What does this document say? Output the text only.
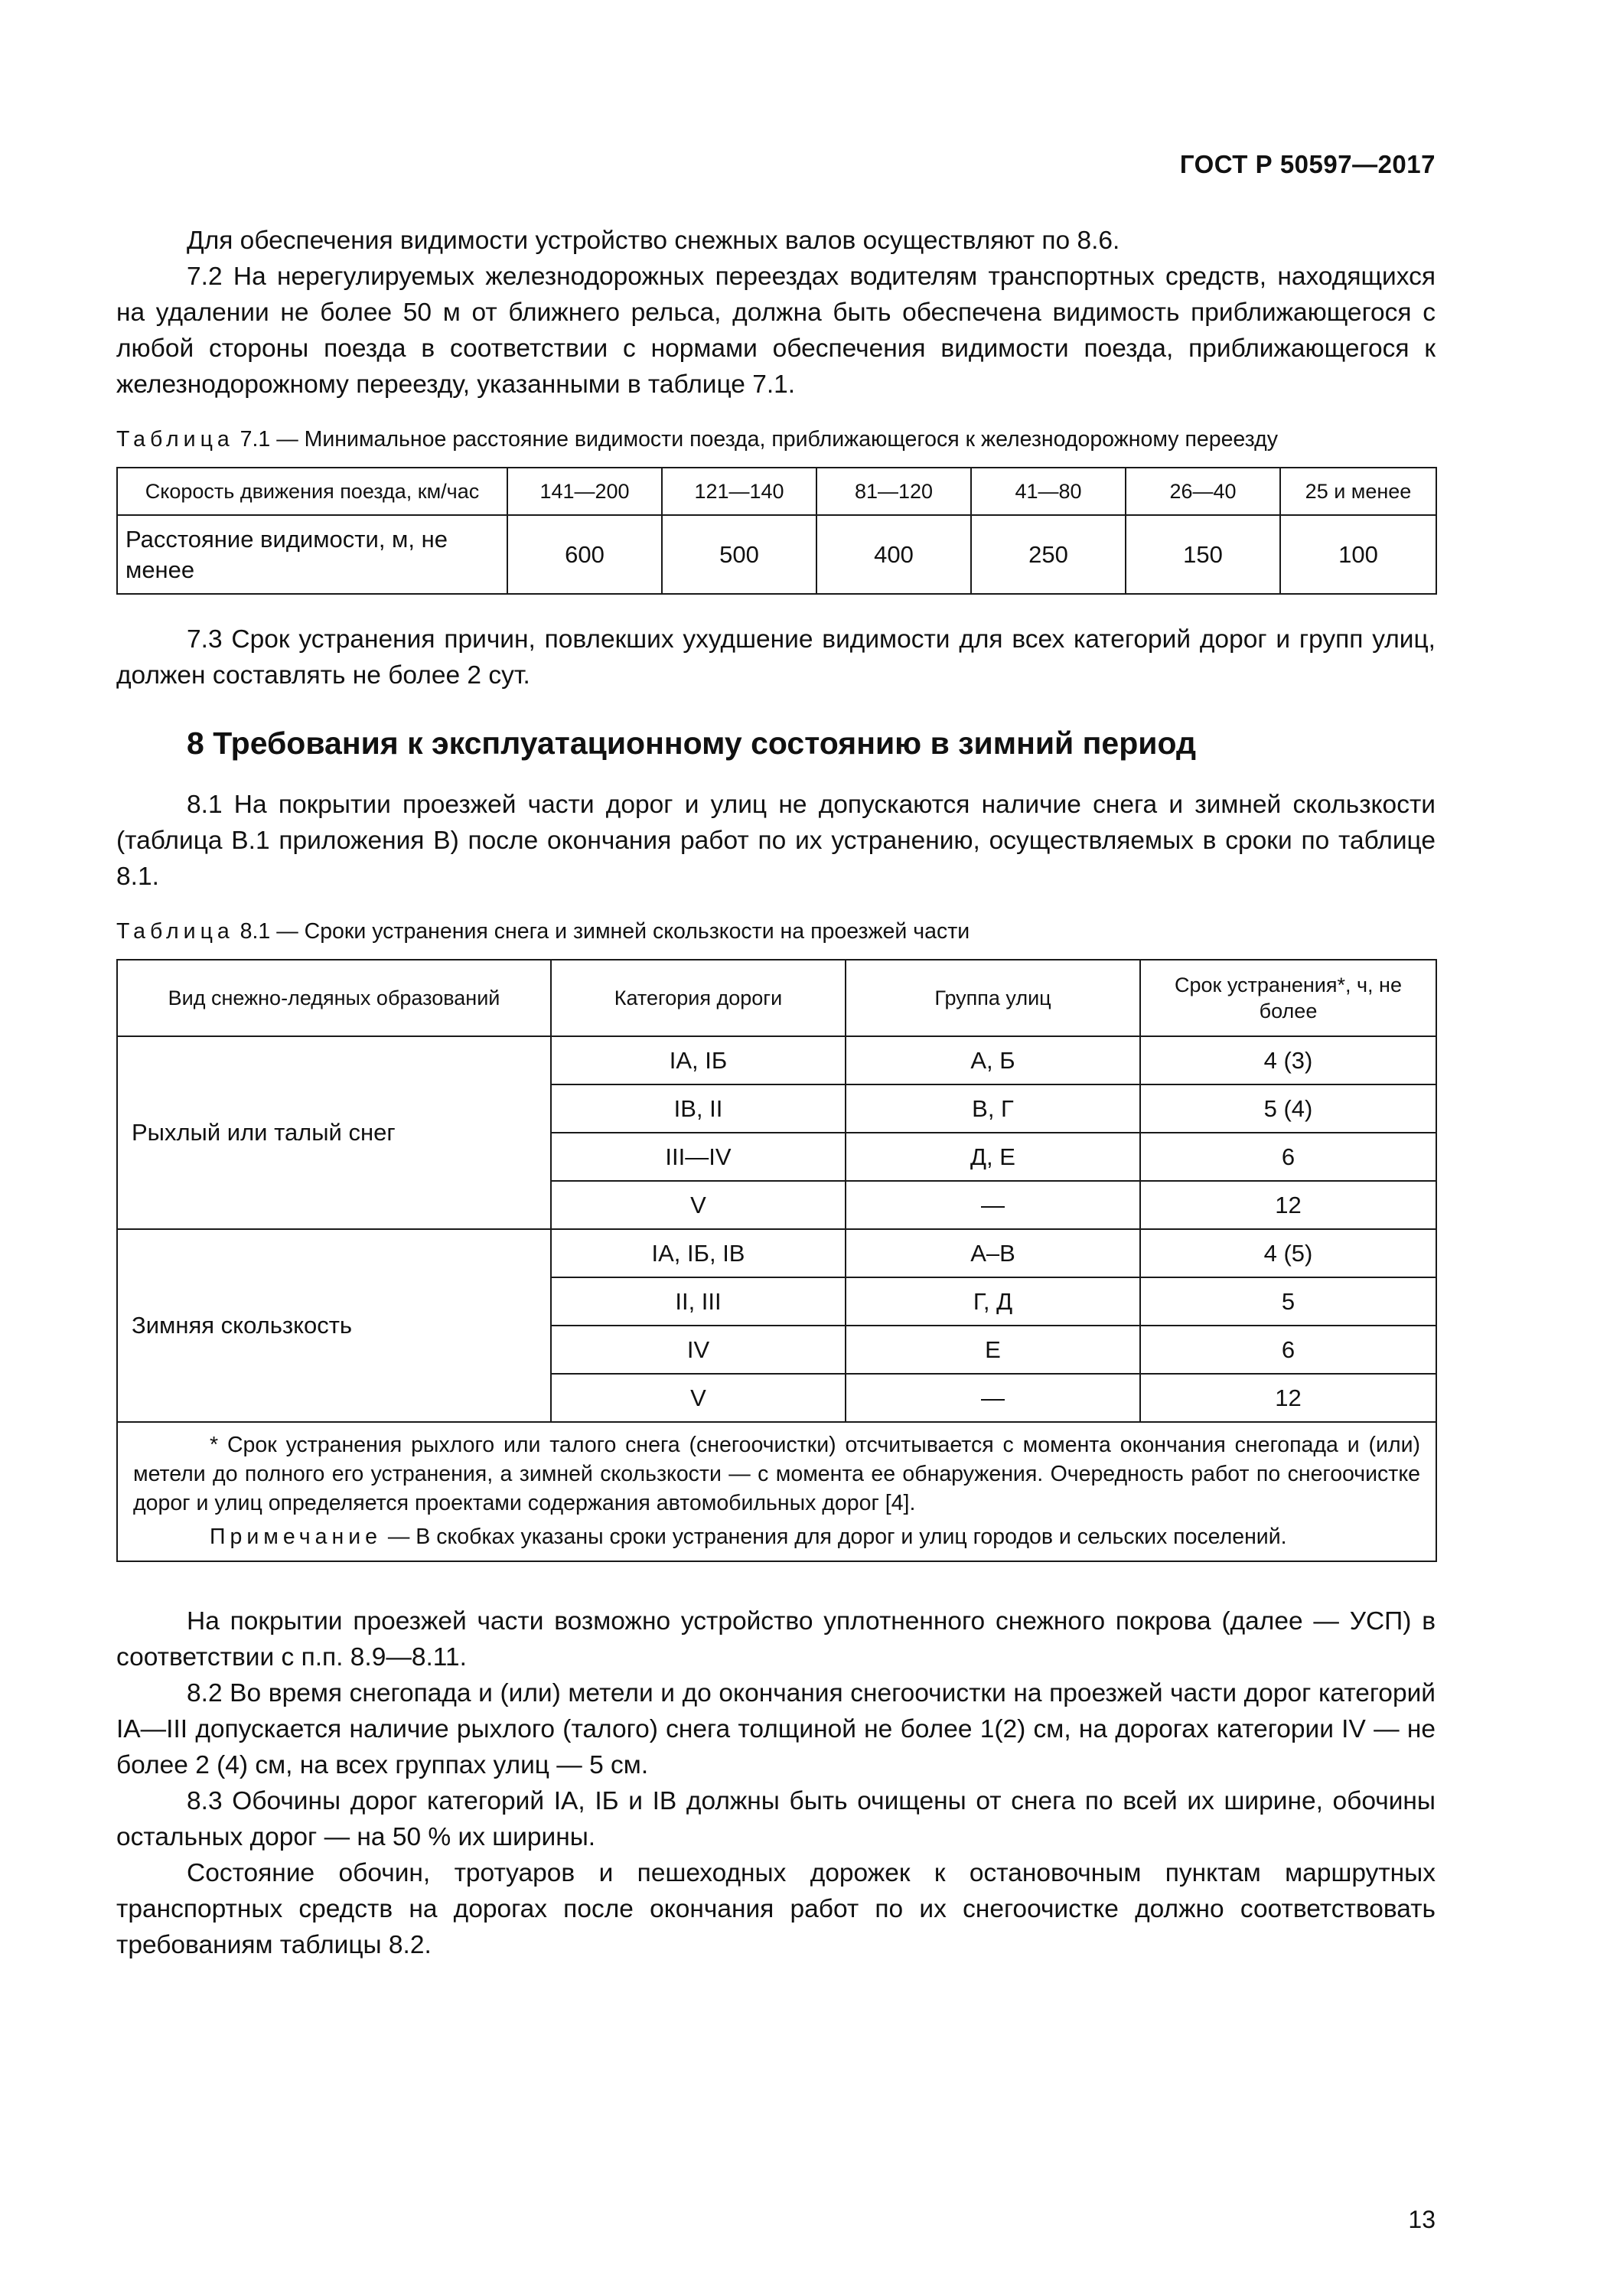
ГОСТ Р 50597—2017

Для обеспечения видимости устройство снежных валов осуществляют по 8.6.

7.2 На нерегулируемых железнодорожных переездах водителям транспортных средств, находящихся на удалении не более 50 м от ближнего рельса, должна быть обеспечена видимость приближающегося с любой стороны поезда в соответствии с нормами обеспечения видимости поезда, приближающегося к железнодорожному переезду, указанными в таблице 7.1.

Таблица 7.1 — Минимальное расстояние видимости поезда, приближающегося к железнодорожному переезду
Скорость движения поезда, км/час	141—200	121—140	81—120	41—80	26—40	25 и менее
Расстояние видимости, м, не менее	600	500	400	250	150	100

7.3 Срок устранения причин, повлекших ухудшение видимости для всех категорий дорог и групп улиц, должен составлять не более 2 сут.

8 Требования к эксплуатационному состоянию в зимний период

8.1 На покрытии проезжей части дорог и улиц не допускаются наличие снега и зимней скользкости (таблица В.1 приложения В) после окончания работ по их устранению, осуществляемых в сроки по таблице 8.1.

Таблица 8.1 — Сроки устранения снега и зимней скользкости на проезжей части
Вид снежно-ледяных образований	Категория дороги	Группа улиц	Срок устранения*, ч, не более
Рыхлый или талый снег	IА, IБ	А, Б	4 (3)
	IВ, II	В, Г	5 (4)
	III—IV	Д, Е	6
	V	—	12
Зимняя скользкость	IА, IБ, IВ	А–В	4 (5)
	II, III	Г, Д	5
	IV	Е	6
	V	—	12

* Срок устранения рыхлого или талого снега (снегоочистки) отсчитывается с момента окончания снегопада и (или) метели до полного его устранения, а зимней скользкости — с момента ее обнаружения. Очередность работ по снегоочистке дорог и улиц определяется проектами содержания автомобильных дорог [4].

Примечание — В скобках указаны сроки устранения для дорог и улиц городов и сельских поселений.			

На покрытии проезжей части возможно устройство уплотненного снежного покрова (далее — УСП) в соответствии с п.п. 8.9—8.11.

8.2 Во время снегопада и (или) метели и до окончания снегоочистки на проезжей части дорог категорий IА—III допускается наличие рыхлого (талого) снега толщиной не более 1(2) см, на дорогах категории IV — не более 2 (4) см, на всех группах улиц — 5 см.

8.3 Обочины дорог категорий IА, IБ и IВ должны быть очищены от снега по всей их ширине, обочины остальных дорог — на 50 % их ширины.

Состояние обочин, тротуаров и пешеходных дорожек к остановочным пунктам маршрутных транспортных средств на дорогах после окончания работ по их снегоочистке должно соответствовать требованиям таблицы 8.2.

13
